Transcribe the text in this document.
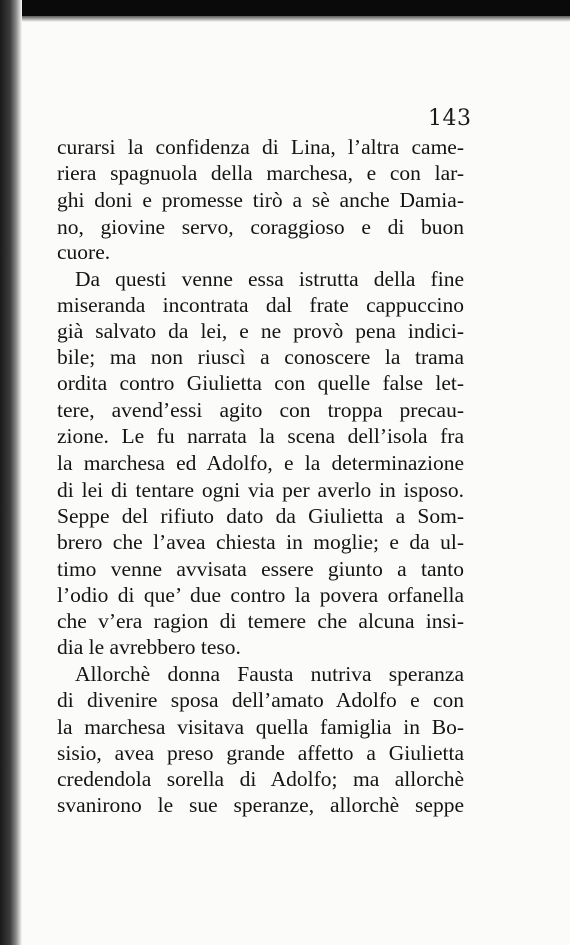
143
curarsi la confidenza di Lina, l’altra came-
riera spagnuola della marchesa, e con lar-
ghi doni e promesse tirò a sè anche Damia-
no, giovine servo, coraggioso e di buon
cuore.
Da questi venne essa istrutta della fine
miseranda incontrata dal frate cappuccino
già salvato da lei, e ne provò pena indici-
bile; ma non riuscì a conoscere la trama
ordita contro Giulietta con quelle false let-
tere, avend’essi agito con troppa precau-
zione. Le fu narrata la scena dell’isola fra
la marchesa ed Adolfo, e la determinazione
di lei di tentare ogni via per averlo in isposo.
Seppe del rifiuto dato da Giulietta a Som-
brero che l’avea chiesta in moglie; e da ul-
timo venne avvisata essere giunto a tanto
l’odio di que’ due contro la povera orfanella
che v’era ragion di temere che alcuna insi-
dia le avrebbero teso.
Allorchè donna Fausta nutriva speranza
di divenire sposa dell’amato Adolfo e con
la marchesa visitava quella famiglia in Bo-
sisio, avea preso grande affetto a Giulietta
credendola sorella di Adolfo; ma allorchè
svanirono le sue speranze, allorchè seppe
